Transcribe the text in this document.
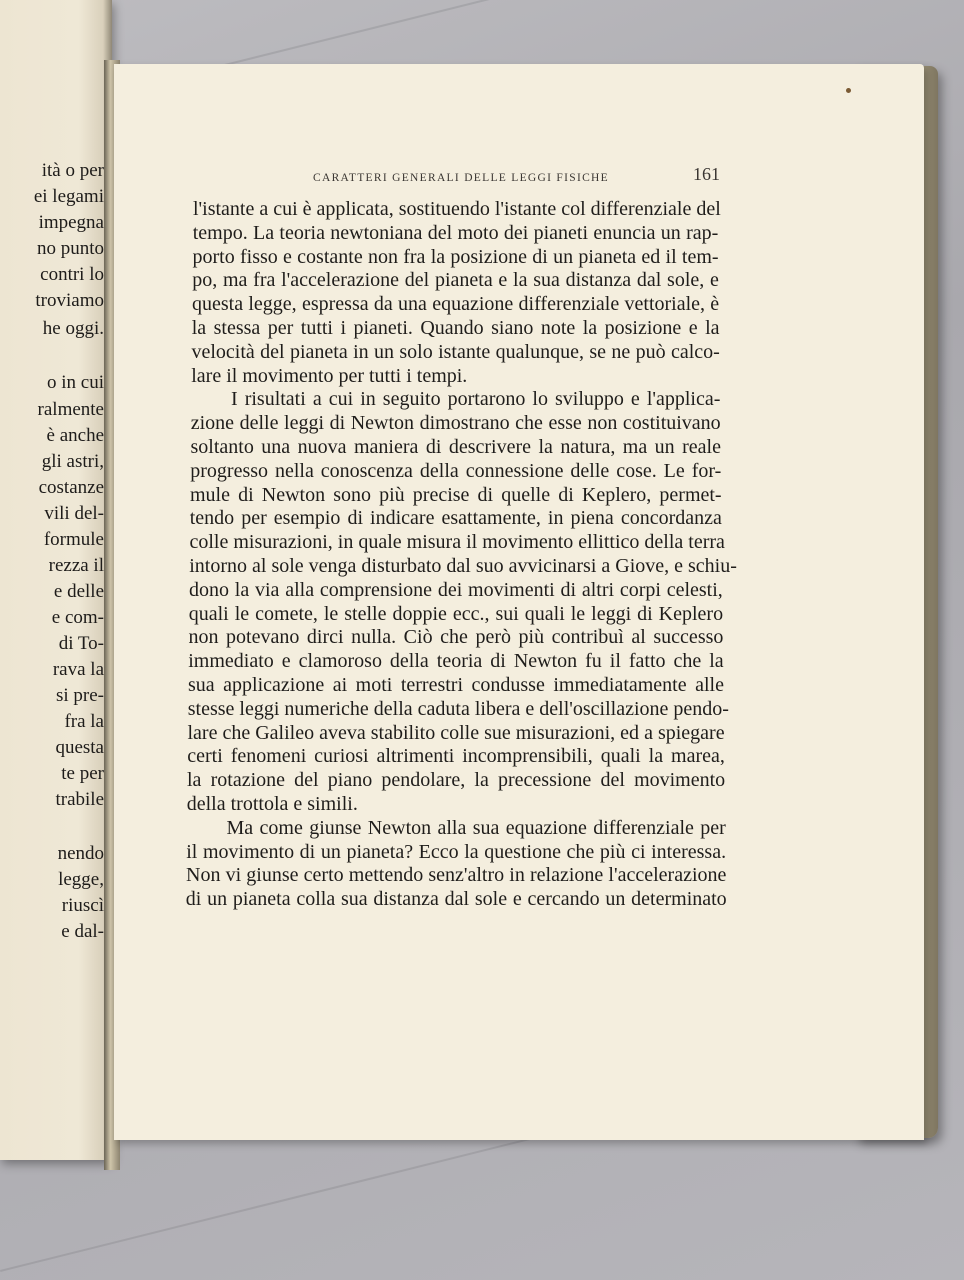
ità o per
ei legami
impegna
no punto
contri lo
troviamo
he oggi.
o in cui
ralmente
è anche
gli astri,
costanze
vili del-
formule
rezza il
e delle
e com-
di To-
rava la
si pre-
fra la
questa
te per
trabile
nendo
legge,
riuscì
e dal-
CARATTERI GENERALI DELLE LEGGI FISICHE	161
l'istante a cui è applicata, sostituendo l'istante col differenziale del
tempo. La teoria newtoniana del moto dei pianeti enuncia un rap-
porto fisso e costante non fra la posizione di un pianeta ed il tem-
po, ma fra l'accelerazione del pianeta e la sua distanza dal sole, e
questa legge, espressa da una equazione differenziale vettoriale, è
la stessa per tutti i pianeti. Quando siano note la posizione e la
velocità del pianeta in un solo istante qualunque, se ne può calco-
lare il movimento per tutti i tempi.
I risultati a cui in seguito portarono lo sviluppo e l'applica-
zione delle leggi di Newton dimostrano che esse non costituivano
soltanto una nuova maniera di descrivere la natura, ma un reale
progresso nella conoscenza della connessione delle cose. Le for-
mule di Newton sono più precise di quelle di Keplero, permet-
tendo per esempio di indicare esattamente, in piena concordanza
colle misurazioni, in quale misura il movimento ellittico della terra
intorno al sole venga disturbato dal suo avvicinarsi a Giove, e schiu-
dono la via alla comprensione dei movimenti di altri corpi celesti,
quali le comete, le stelle doppie ecc., sui quali le leggi di Keplero
non potevano dirci nulla. Ciò che però più contribuì al successo
immediato e clamoroso della teoria di Newton fu il fatto che la
sua applicazione ai moti terrestri condusse immediatamente alle
stesse leggi numeriche della caduta libera e dell'oscillazione pendo-
lare che Galileo aveva stabilito colle sue misurazioni, ed a spiegare
certi fenomeni curiosi altrimenti incomprensibili, quali la marea,
la rotazione del piano pendolare, la precessione del movimento
della trottola e simili.
Ma come giunse Newton alla sua equazione differenziale per
il movimento di un pianeta? Ecco la questione che più ci interessa.
Non vi giunse certo mettendo senz'altro in relazione l'accelerazione
di un pianeta colla sua distanza dal sole e cercando un determinato
